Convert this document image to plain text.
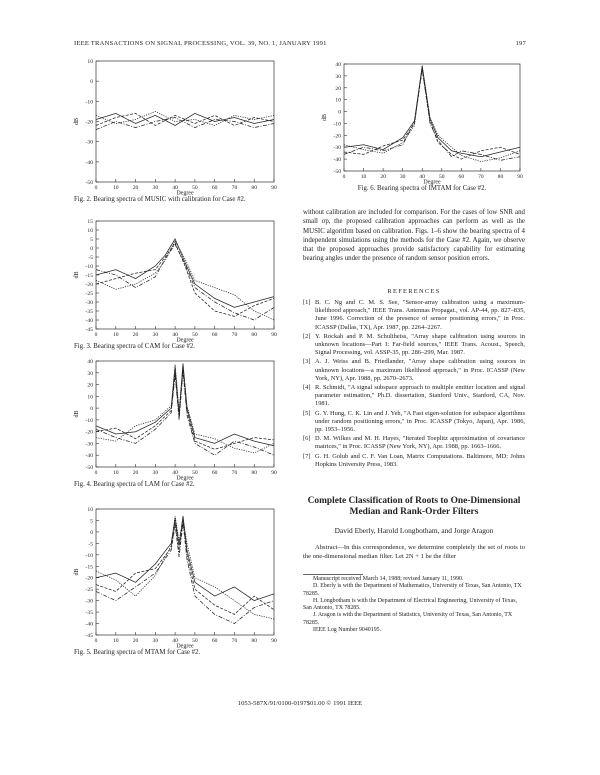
IEEE TRANSACTIONS ON SIGNAL PROCESSING, VOL. 39, NO. 1, JANUARY 1991	197
10
0
-10
-20
-30
-40
-50
0	10	20	30	40	50	60	70	80	90
Degree
dB
Fig. 2. Bearing spectra of MUSIC with calibration for Case #2.
15
10
5
0
-5
-10
-15
-20
-25
-30
-35
-40
-45
0	10	20	30	40	50	60	70	80	90
Degree
dB
Fig. 3. Bearing spectra of CAM for Case #2.
40
30
20
10
0
-10
-20
-30
-40
-50
0	10	20	30	40	50	60	70	80	90
Degree
dB
Fig. 4. Bearing spectra of LAM for Case #2.
10
5
0
-5
-10
-15
-20
-25
-30
-35
-40
-45
0	10	20	30	40	50	60	70	80	90
Degree
dB
Fig. 5. Bearing spectra of MTAM for Case #2.
40
30
20
10
0
-10
-20
-30
-40
-50
0	10 20 30 40 50 60 70 80 90
Degree
dB
Fig. 6. Bearing spectra of IMTAM for Case #2.
without calibration are included for comparison. For the cases of low SNR and small σp, the proposed calibration approaches can perform as well as the MUSIC algorithm based on calibration. Figs. 1–6 show the bearing spectra of 4 independent simulations using the methods for the Case #2. Again, we observe that the proposed approaches provide satisfactory capability for estimating bearing angles under the presence of random sensor position errors.
REFERENCES
[1] B. C. Ng and C. M. S. See, "Sensor-array calibration using a maximum-likelihood approach," IEEE Trans. Antennas Propagat., vol. AP-44, pp. 827–835, June 1996. Correction of the presence of sensor positioning errors," in Proc. ICASSP (Dallas, TX), Apr. 1987, pp. 2264–2267.
[2] Y. Rockah and P. M. Schultheiss, "Array shape calibration using sources in unknown locations—Part I: Far-field sources," IEEE Trans. Acoust., Speech, Signal Processing, vol. ASSP-35, pp. 286–299, Mar. 1987.
[3] A. J. Weiss and B. Friedlander, "Array shape calibration using sources in unknown locations—a maximum likelihood approach," in Proc. ICASSP (New York, NY), Apr. 1988, pp. 2670–2673.
[4] R. Schmidt, "A signal subspace approach to multiple emitter location and signal parameter estimation," Ph.D. dissertation, Stanford Univ., Stanford, CA, Nov. 1981.
[5] G. Y. Hung, C. K. Lin and J. Yeh, "A Fast eigen-solution for subspace algorithms under random positioning errors," in Proc. ICASSP (Tokyo, Japan), Apr. 1986, pp. 1953–1956.
[6] D. M. Wilkes and M. H. Hayes, "Iterated Toeplitz approximation of covariance matrices," in Proc. ICASSP (New York, NY), Apr. 1988, pp. 1663–1666.
[7] G. H. Golub and C. F. Van Loan, Matrix Computations. Baltimore, MD: Johns Hopkins University Press, 1983.
Complete Classification of Roots to One-Dimensional Median and Rank-Order Filters
David Eberly, Harold Longbotham, and Jorge Aragon
Abstract—In this correspondence, we determine completely the set of roots to the one-dimensional median filter. Let 2N + 1 be the filter
Manuscript received March 14, 1988; revised January 11, 1990.
D. Eberly is with the Department of Mathematics, University of Texas, San Antonio, TX 78285.
H. Longbotham is with the Department of Electrical Engineering, University of Texas, San Antonio, TX 78285.
J. Aragon is with the Department of Statistics, University of Texas, San Antonio, TX 78285.
IEEE Log Number 9040195.
1053-587X/91/0100-0197$01.00 © 1991 IEEE
